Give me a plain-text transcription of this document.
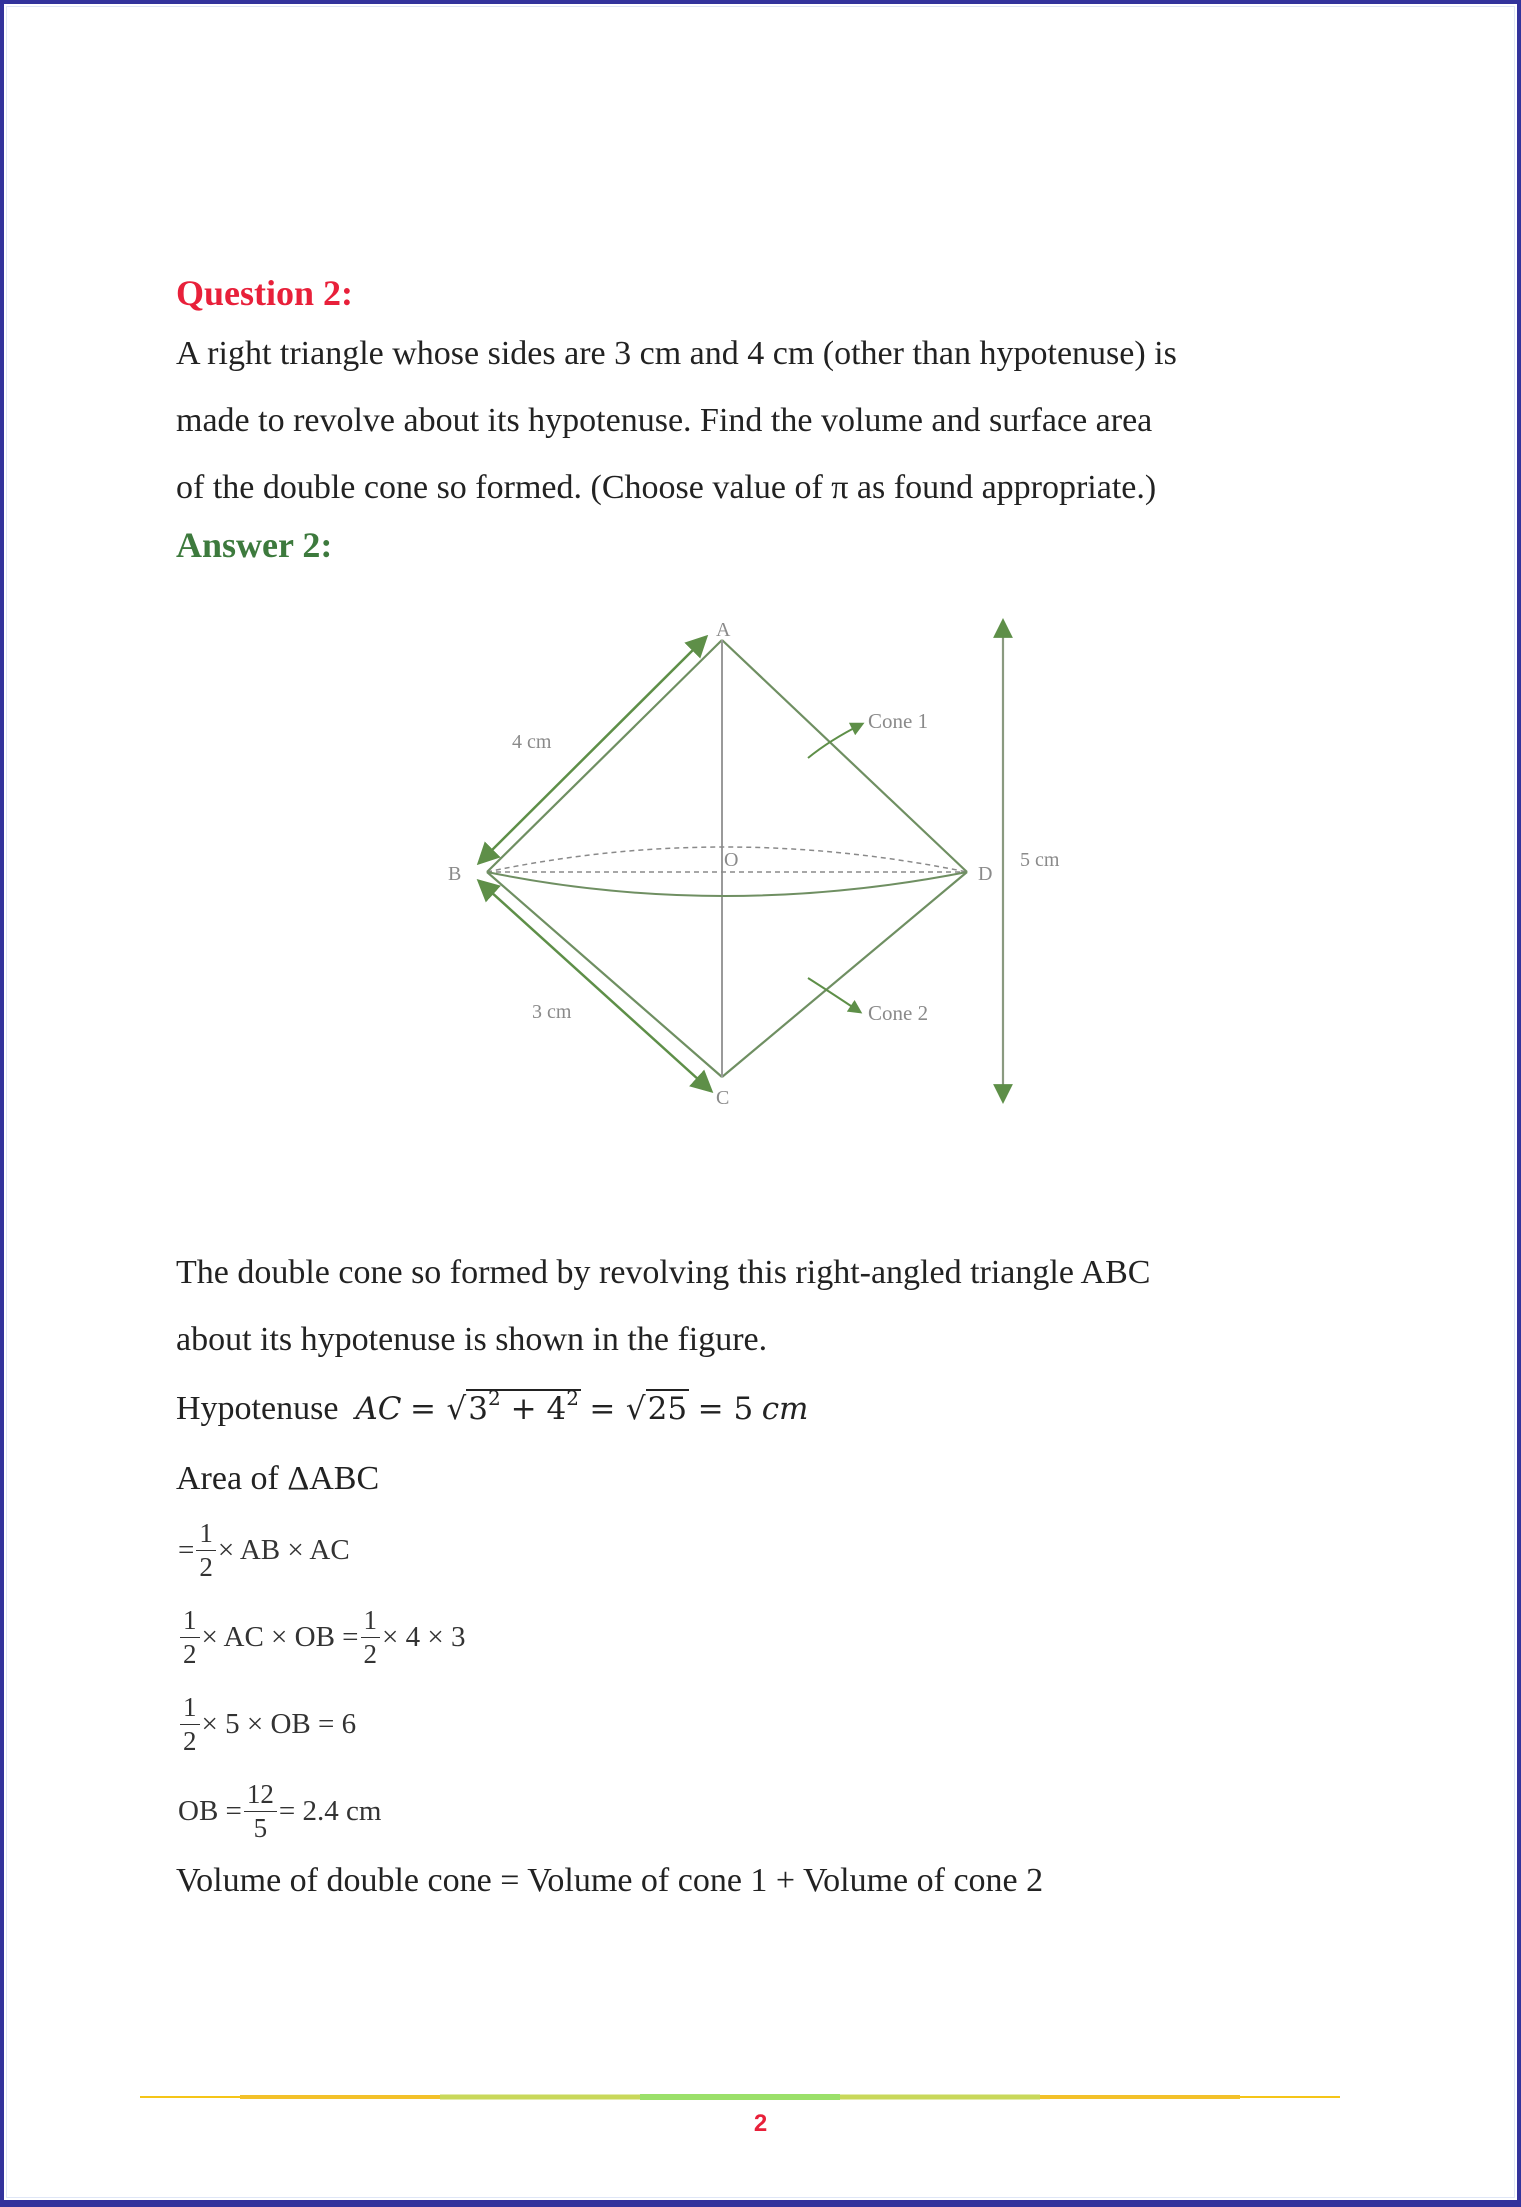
Question 2:
A right triangle whose sides are 3 cm and 4 cm (other than hypotenuse) is
made to revolve about its hypotenuse. Find the volume and surface area
of the double cone so formed. (Choose value of π as found appropriate.)
Answer 2:
A
B
C
D
O
4 cm
3 cm
5 cm
Cone 1
Cone 2
The double cone so formed by revolving this right-angled triangle ABC
about its hypotenuse is shown in the figure.
Hypotenuse AC = $√3^2 + 4^2 = √25 = 5$ cm
Area of ΔABC
= $\frac{1}{2}$ × AB × AC
$\frac{1}{2}$ × AC × OB = $\frac{1}{2} \times 4 \times 3$
$\frac{1}{2} \times 5$ × OB = 6
OB = $\frac{12}{5} = 2.4$ cm
Volume of double cone = Volume of cone 1 + Volume of cone 2
2
